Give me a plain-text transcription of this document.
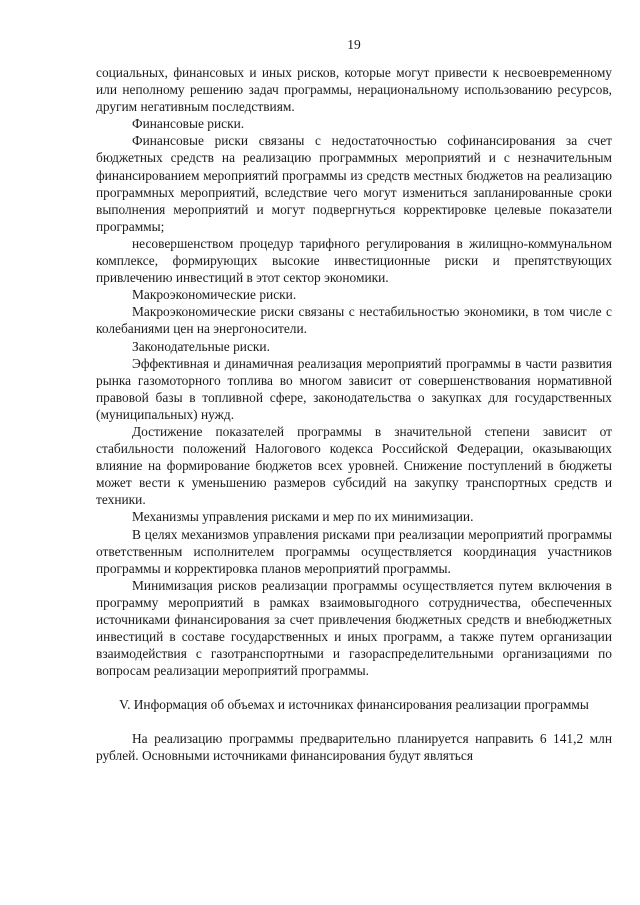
19

социальных, финансовых и иных рисков, которые могут привести к несвоевременному или неполному решению задач программы, нерациональному использованию ресурсов, другим негативным последствиям.

Финансовые риски.

Финансовые риски связаны с недостаточностью софинансирования за счет бюджетных средств на реализацию программных мероприятий и с незначительным финансированием мероприятий программы из средств местных бюджетов на реализацию программных мероприятий, вследствие чего могут измениться запланированные сроки выполнения мероприятий и могут подвергнуться корректировке целевые показатели программы;

несовершенством процедур тарифного регулирования в жилищно-коммунальном комплексе, формирующих высокие инвестиционные риски и препятствующих привлечению инвестиций в этот сектор экономики.

Макроэкономические риски.

Макроэкономические риски связаны с нестабильностью экономики, в том числе с колебаниями цен на энергоносители.

Законодательные риски.

Эффективная и динамичная реализация мероприятий программы в части развития рынка газомоторного топлива во многом зависит от совершенствования нормативной правовой базы в топливной сфере, законодательства о закупках для государственных (муниципальных) нужд.

Достижение показателей программы в значительной степени зависит от стабильности положений Налогового кодекса Российской Федерации, оказывающих влияние на формирование бюджетов всех уровней. Снижение поступлений в бюджеты может вести к уменьшению размеров субсидий на закупку транспортных средств и техники.

Механизмы управления рисками и мер по их минимизации.

В целях механизмов управления рисками при реализации мероприятий программы ответственным исполнителем программы осуществляется координация участников программы и корректировка планов мероприятий программы.

Минимизация рисков реализации программы осуществляется путем включения в программу мероприятий в рамках взаимовыгодного сотрудничества, обеспеченных источниками финансирования за счет привлечения бюджетных средств и внебюджетных инвестиций в составе государственных и иных программ, а также путем организации взаимодействия с газотранспортными и газораспределительными организациями по вопросам реализации мероприятий программы.

V. Информация об объемах и источниках финансирования реализации программы

На реализацию программы предварительно планируется направить 6 141,2 млн рублей. Основными источниками финансирования будут являться
